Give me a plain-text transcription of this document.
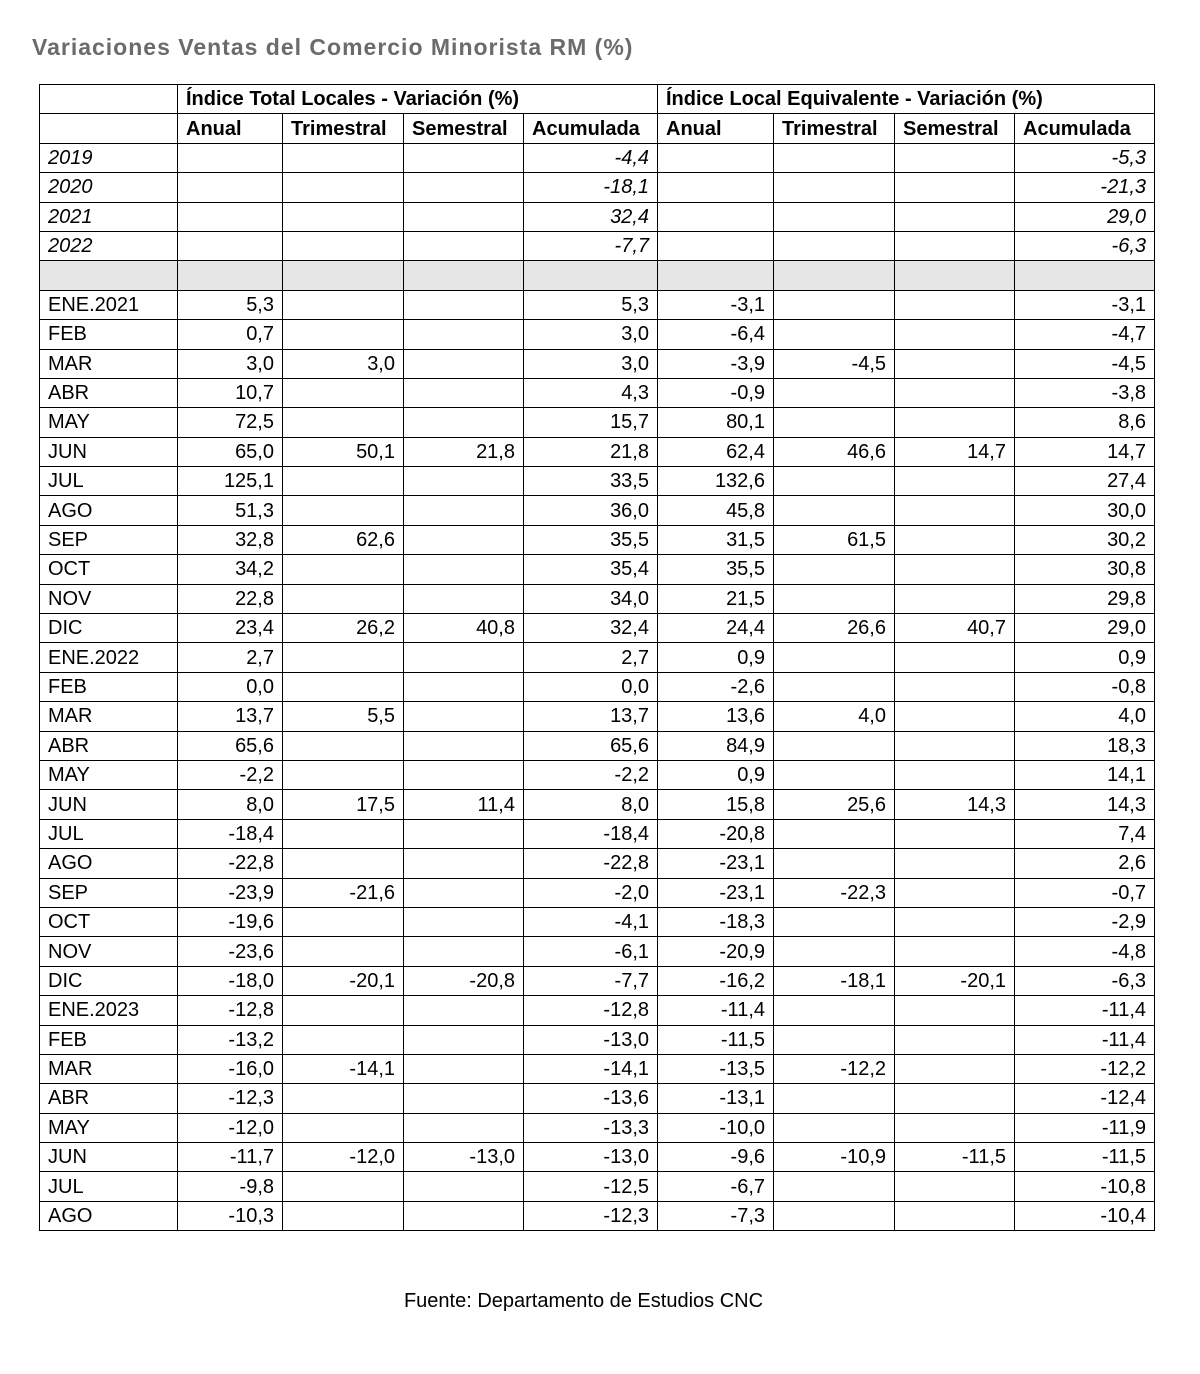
Variaciones Ventas del Comercio Minorista RM (%)
	Índice Total Locales - Variación (%)				Índice Local Equivalente - Variación (%)			
	Anual	Trimestral	Semestral	Acumulada	Anual	Trimestral	Semestral	Acumulada
2019				-4,4				-5,3
2020				-18,1				-21,3
2021				32,4				29,0
2022				-7,7				-6,3

ENE.2021	5,3			5,3	-3,1			-3,1
FEB	0,7			3,0	-6,4			-4,7
MAR	3,0	3,0		3,0	-3,9	-4,5		-4,5
ABR	10,7			4,3	-0,9			-3,8
MAY	72,5			15,7	80,1			8,6
JUN	65,0	50,1	21,8	21,8	62,4	46,6	14,7	14,7
JUL	125,1			33,5	132,6			27,4
AGO	51,3			36,0	45,8			30,0
SEP	32,8	62,6		35,5	31,5	61,5		30,2
OCT	34,2			35,4	35,5			30,8
NOV	22,8			34,0	21,5			29,8
DIC	23,4	26,2	40,8	32,4	24,4	26,6	40,7	29,0
ENE.2022	2,7			2,7	0,9			0,9
FEB	0,0			0,0	-2,6			-0,8
MAR	13,7	5,5		13,7	13,6	4,0		4,0
ABR	65,6			65,6	84,9			18,3
MAY	-2,2			-2,2	0,9			14,1
JUN	8,0	17,5	11,4	8,0	15,8	25,6	14,3	14,3
JUL	-18,4			-18,4	-20,8			7,4
AGO	-22,8			-22,8	-23,1			2,6
SEP	-23,9	-21,6		-2,0	-23,1	-22,3		-0,7
OCT	-19,6			-4,1	-18,3			-2,9
NOV	-23,6			-6,1	-20,9			-4,8
DIC	-18,0	-20,1	-20,8	-7,7	-16,2	-18,1	-20,1	-6,3
ENE.2023	-12,8			-12,8	-11,4			-11,4
FEB	-13,2			-13,0	-11,5			-11,4
MAR	-16,0	-14,1		-14,1	-13,5	-12,2		-12,2
ABR	-12,3			-13,6	-13,1			-12,4
MAY	-12,0			-13,3	-10,0			-11,9
JUN	-11,7	-12,0	-13,0	-13,0	-9,6	-10,9	-11,5	-11,5
JUL	-9,8			-12,5	-6,7			-10,8
AGO	-10,3			-12,3	-7,3			-10,4
Fuente: Departamento de Estudios CNC
